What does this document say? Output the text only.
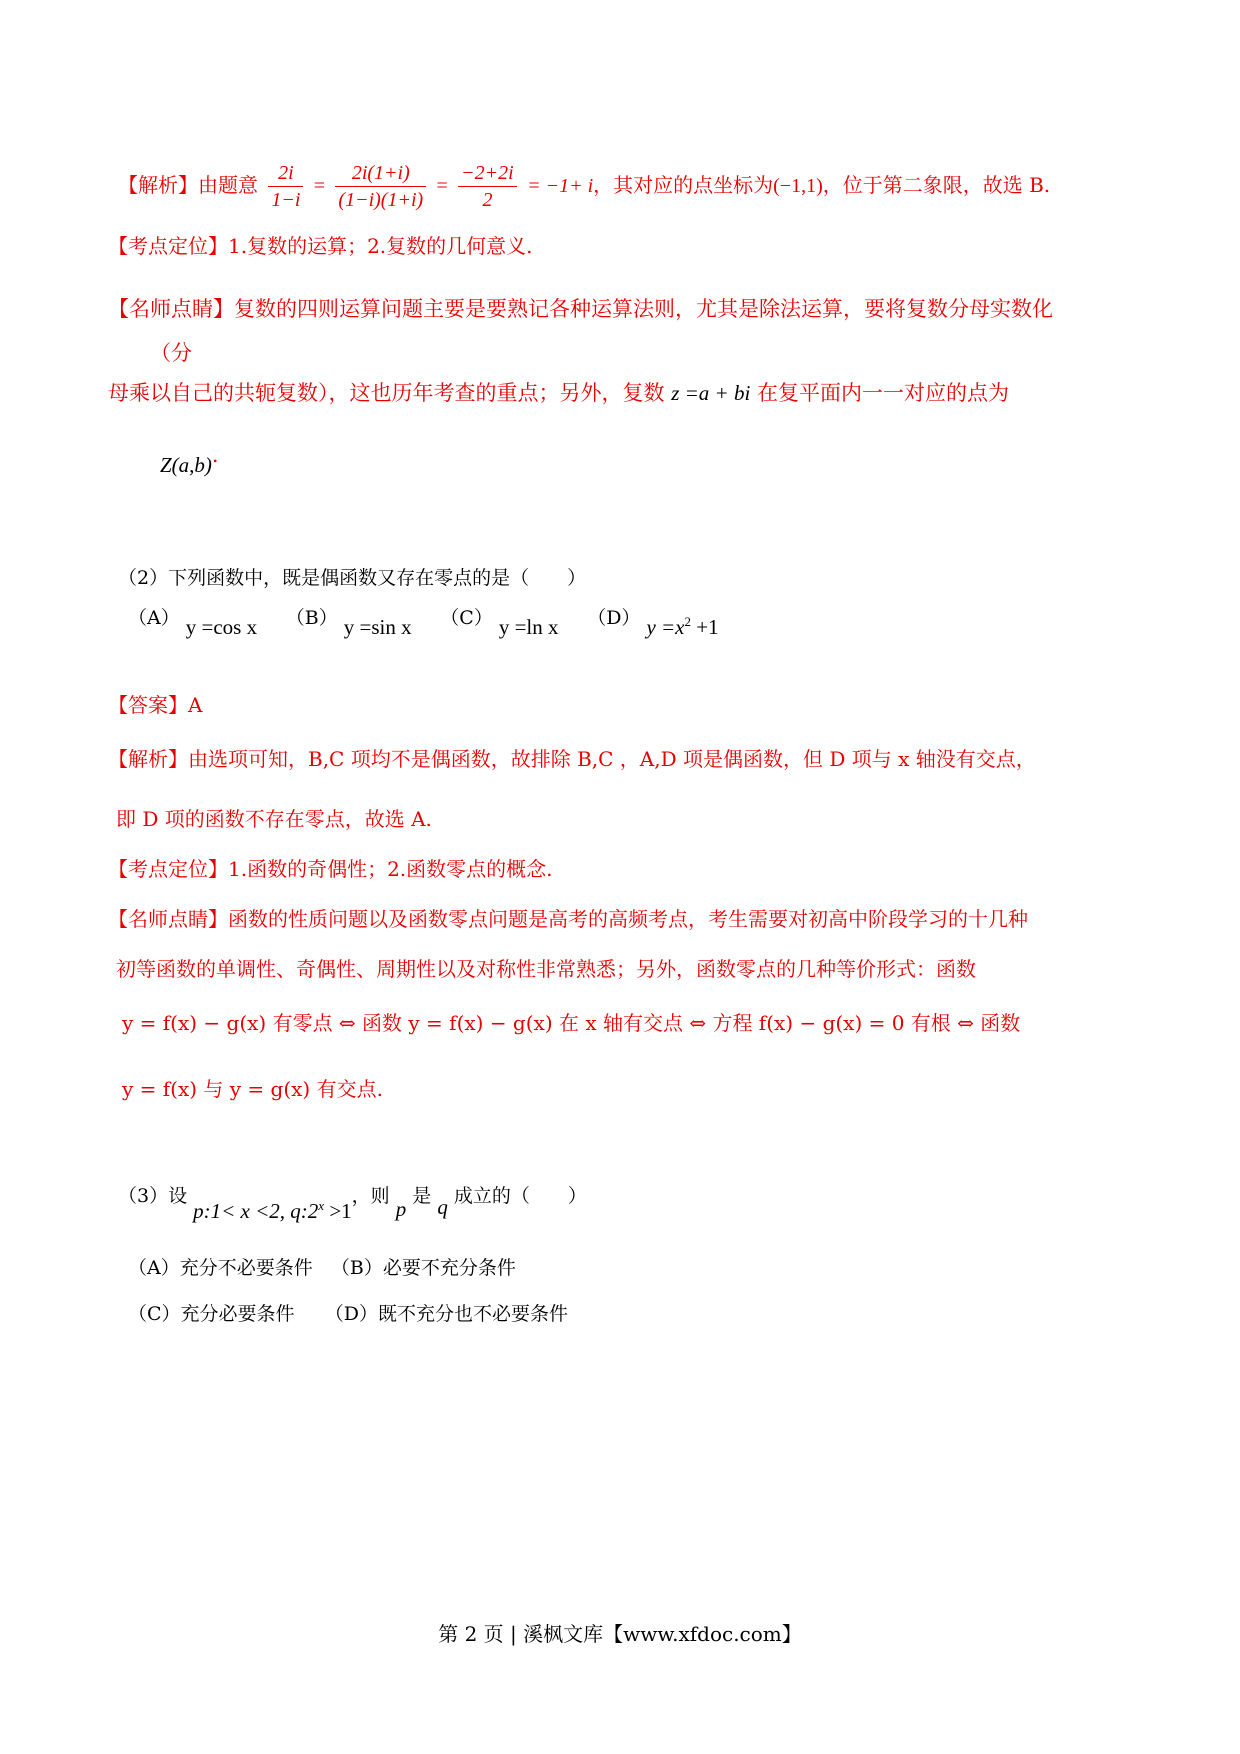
【解析】由题意 $\frac{2i}{1-i} = \frac{2i(1+i)}{(1-i)(1+i)} = \frac{-2+2i}{2} = -1+ i$，其对应的点坐标为(−1,1)，位于第二象限，故选 B.
【考点定位】1.复数的运算；2.复数的几何意义.
【名师点睛】复数的四则运算问题主要是要熟记各种运算法则，尤其是除法运算，要将复数分母实数化
（分
母乘以自己的共轭复数），这也历年考查的重点；另外，复数 z =a + bi 在复平面内一一对应的点为
Z(a,b).
（2）下列函数中，既是偶函数又存在零点的是（　　）
（A） y =cos x （B） y =sin x （C） y =ln x （D） $y =x^2 +1$
【答案】A
【解析】由选项可知，B,C 项均不是偶函数，故排除 B,C ，A,D 项是偶函数，但 D 项与 x 轴没有交点，
即 D 项的函数不存在零点，故选 A.
【考点定位】1.函数的奇偶性；2.函数零点的概念.
【名师点睛】函数的性质问题以及函数零点问题是高考的高频考点，考生需要对初高中阶段学习的十几种
初等函数的单调性、奇偶性、周期性以及对称性非常熟悉；另外，函数零点的几种等价形式：函数
y = f(x) − g(x) 有零点 ⇔ 函数 y = f(x) − g(x) 在 x 轴有交点 ⇔ 方程 f(x) − g(x) = 0 有根 ⇔ 函数
y = f(x) 与 y = g(x) 有交点.
（3）设 p:1< x <2, $q:2^x >1$，则 p 是 q 成立的（　　）
（A）充分不必要条件 （B）必要不充分条件
（C）充分必要条件 （D）既不充分也不必要条件
第 2 页 | 溪枫文库【www.xfdoc.com】
